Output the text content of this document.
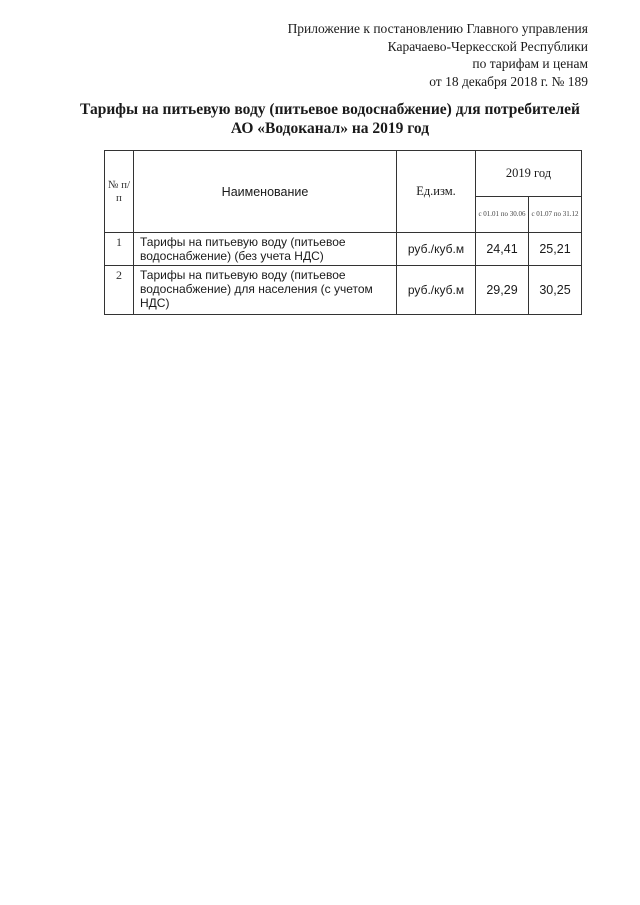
Приложение к постановлению Главного управления
Карачаево-Черкесской Республики
по тарифам и ценам
от 18 декабря 2018 г. № 189
Тарифы на питьевую воду (питьевое водоснабжение) для потребителей
АО «Водоканал» на 2019 год
№ п/п	Наименование	Ед.изм.	2019 год	
			с 01.01 по 30.06	с 01.07 по 31.12
1	Тарифы на питьевую воду (питьевое водоснабжение) (без учета НДС)	руб./куб.м	24,41	25,21
2	Тарифы на питьевую воду (питьевое водоснабжение) для населения (с учетом НДС)	руб./куб.м	29,29	30,25
